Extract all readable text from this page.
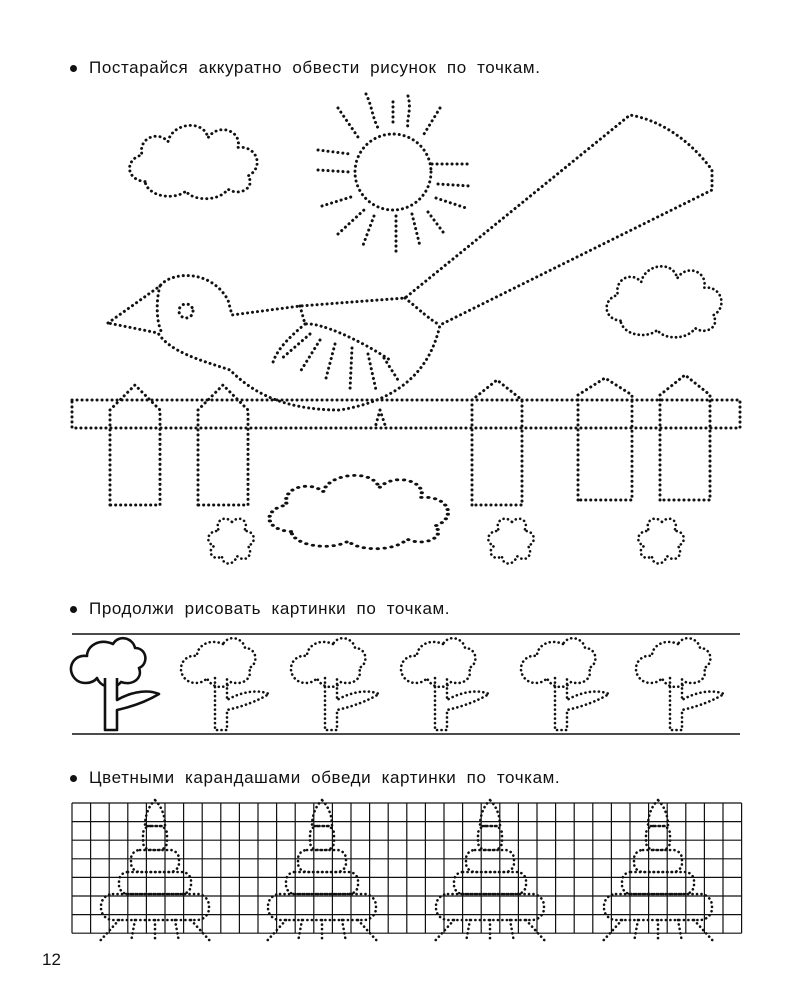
Постарайся аккуратно обвести рисунок по точкам.
Продолжи рисовать картинки по точкам.
Цветными карандашами обведи картинки по точкам.
12
